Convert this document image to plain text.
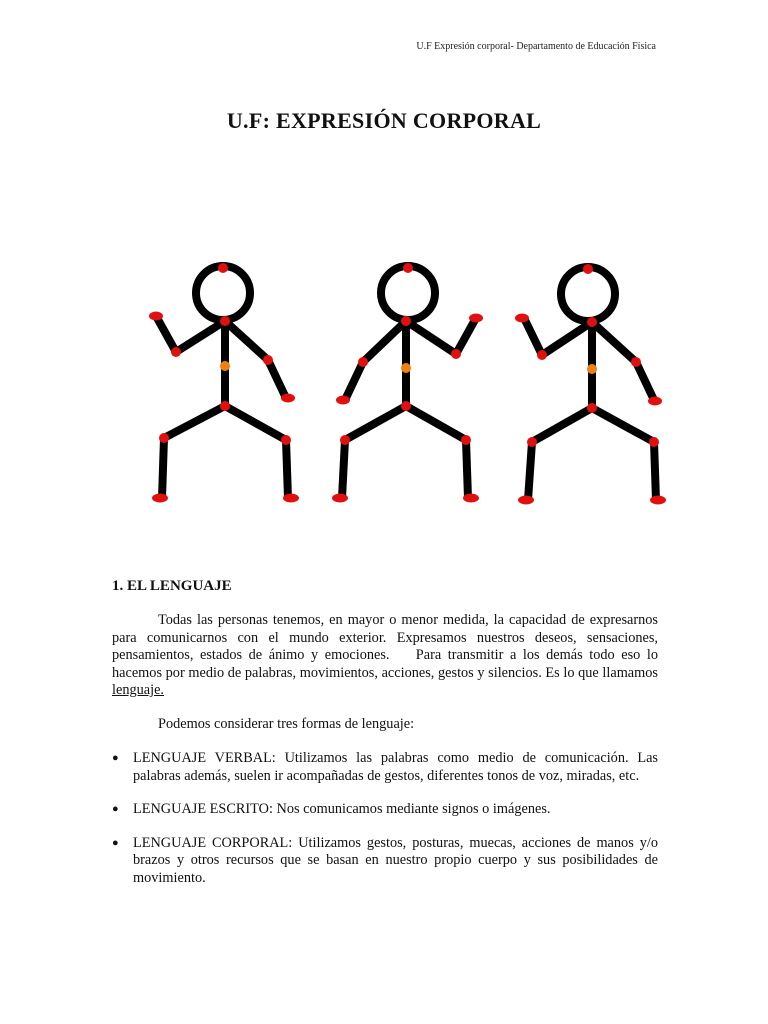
U.F Expresión corporal- Departamento de Educación Física
U.F: EXPRESIÓN CORPORAL
1. EL LENGUAJE
Todas las personas tenemos, en mayor o menor medida, la capacidad de expresarnos para comunicarnos con el mundo exterior. Expresamos nuestros deseos, sensaciones, pensamientos, estados de ánimo y emociones.    Para transmitir a los demás todo eso lo hacemos por medio de palabras, movimientos, acciones, gestos y silencios. Es lo que llamamos lenguaje.
Podemos considerar tres formas de lenguaje:
● LENGUAJE VERBAL: Utilizamos las palabras como medio de comunicación. Las palabras además, suelen ir acompañadas de gestos, diferentes tonos de voz, miradas, etc.
● LENGUAJE ESCRITO: Nos comunicamos mediante signos o imágenes.
● LENGUAJE CORPORAL: Utilizamos gestos, posturas, muecas, acciones de manos y/o brazos y otros recursos que se basan en nuestro propio cuerpo y sus posibilidades de movimiento.
